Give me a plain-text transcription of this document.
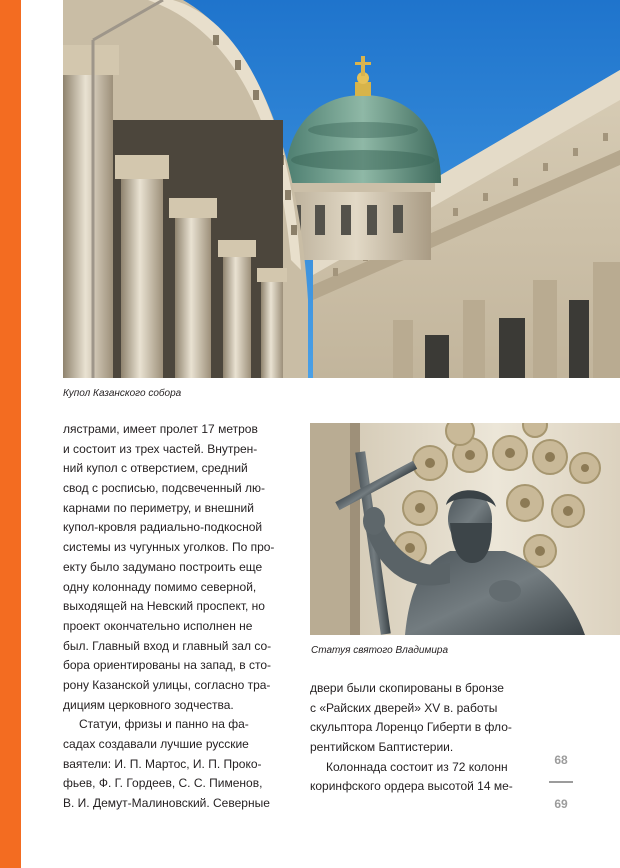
Купол Казанского собора
лястрами, имеет пролет 17 метров
и состоит из трех частей. Внутрен-
ний купол с отверстием, средний
свод с росписью, подсвеченный лю-
карнами по периметру, и внешний
купол-кровля радиально-подкосной
системы из чугунных уголков. По про-
екту было задумано построить еще
одну колоннаду помимо северной,
выходящей на Невский проспект, но
проект окончательно исполнен не
был. Главный вход и главный зал со-
бора ориентированы на запад, в сто-
рону Казанской улицы, согласно тра-
дициям церковного зодчества.
Статуи, фризы и панно на фа-
садах создавали лучшие русские
ваятели: И. П. Мартос, И. П. Проко-
фьев, Ф. Г. Гордеев, С. С. Пименов,
В. И. Демут-Малиновский. Северные
Статуя святого Владимира
двери были скопированы в бронзе
с «Райских дверей» XV в. работы
скульптора Лоренцо Гиберти в фло-
рентийском Баптистерии.
Колоннада состоит из 72 колонн
коринфского ордера высотой 14 ме-
68
69
